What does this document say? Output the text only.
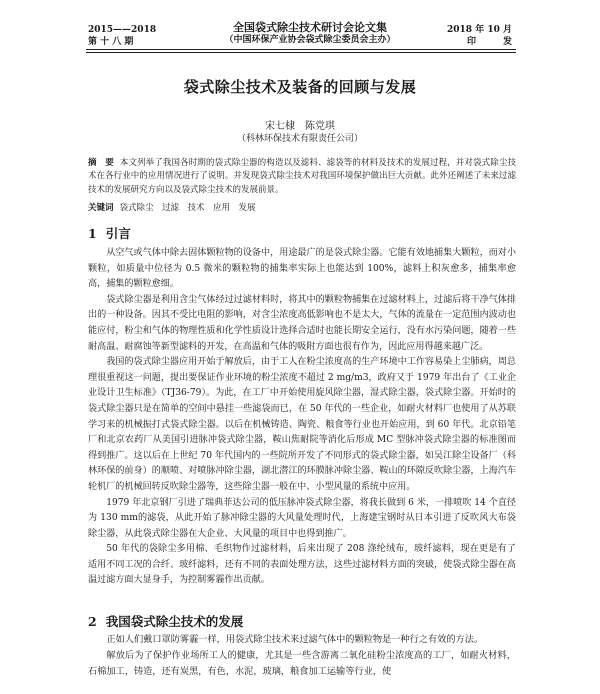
2015——2018
第 十 八 期
全国袋式除尘技术研讨会论文集
（中国环保产业协会袋式除尘委员会主办）
2018 年 10 月
印　　　发
袋式除尘技术及装备的回顾与发展
宋七棣　陈党琪
（科林环保技术有限责任公司）
摘　要 本文列举了我国各时期的袋式除尘器的构造以及滤料、滤袋等的材料及技术的发展过程，并对袋式除尘技术在各行业中的应用情况进行了说明。并发现袋式除尘技术对我国环境保护做出巨大贡献。此外还阐述了未来过滤技术的发展研究方向以及袋式除尘技术的发展前景。
关键词 袋式除尘　过滤　技术　应用　发展
1 引言

从空气或气体中除去固体颗粒物的设备中，用途最广的是袋式除尘器。它能有效地捕集大颗粒，而对小颗粒，如质量中位径为 0.5 微米的颗粒物的捕集率实际上也能达到 100%，滤料上积灰愈多，捕集率愈高，捕集的颗粒愈细。

袋式除尘器是利用含尘气体经过过滤材料时，将其中的颗粒物捕集在过滤材料上，过滤后将干净气体排出的一种设备。因其不受比电阻的影响，对含尘浓度高低影响也不是太大，气体的流量在一定范围内波动也能应付，粉尘和气体的物理性质和化学性质设计选择合适时也能长期安全运行，没有水污染问题，随着一些耐高温、耐腐蚀等新型滤料的开发，在高温和气体的吸附方面也很有作为，因此应用得越来越广泛。

我国的袋式除尘器应用开始于解放后，由于工人在粉尘浓度高的生产环境中工作容易染上尘肺病，周总理很重视这一问题，提出要保证作业环境的粉尘浓度不超过 2 mg/m3，政府又于 1979 年出台了《工业企业设计卫生标准》（TJ36-79）。为此，在工厂中开始使用旋风除尘器，湿式除尘器，袋式除尘器。开始时的袋式除尘器只是在简单的空间中悬挂一些滤袋而已，在 50 年代的一些企业，如耐火材料厂也使用了从苏联学习来的机械振打式袋式除尘器。以后在机械铸造、陶瓷、粮食等行业也开始应用，到 60 年代。北京铅笔厂和北京农药厂从美国引进脉冲袋式除尘器，鞍山焦耐院等消化后形成 MC 型脉冲袋式除尘器的标准图而得到推广。这以后在上世纪 70 年代国内的一些院所开发了不同形式的袋式除尘器，如吴江除尘设备厂（科林环保的前身）的顺喷、对喷脉冲除尘器，湖北潜江的环膜脉冲除尘器、鞍山的环隙反吹除尘器，上海汽车轮机厂的机械回转反吹除尘器等，这些除尘器一般在中、小型风量的系统中应用。

1979 年北京钢厂引进了瑞典菲达公司的低压脉冲袋式除尘器，将我长做到 6 米，一排喷吹 14 个直径为 130 mm的滤袋，从此开始了脉冲除尘器的大风量处理时代，上海建宝钢时从日本引进了反吹风大布袋除尘器，从此袋式除尘器在大企业、大风量的项目中也得到推广。

50 年代的袋除尘多用棉、毛织物作过滤材料，后来出现了 208 涤纶绒布，玻纤滤料，现在更是有了适用不同工况的合纤、玻纤滤料，还有不同的表面处理方法，这些过滤材料方面的突破，使袋式除尘器在高温过滤方面大显身手，为控制雾霾作出贡献。

2 我国袋式除尘技术的发展

正如人们戴口罩防雾霾一样，用袋式除尘技术来过滤气体中的颗粒物是一种行之有效的方法。

解放后为了保护作业场所工人的健康，尤其是一些含游离二氧化硅粉尘浓度高的工厂，如耐火材料，石棉加工，铸造，还有炭黑，有色，水泥，玻璃，粮食加工运输等行业，使
